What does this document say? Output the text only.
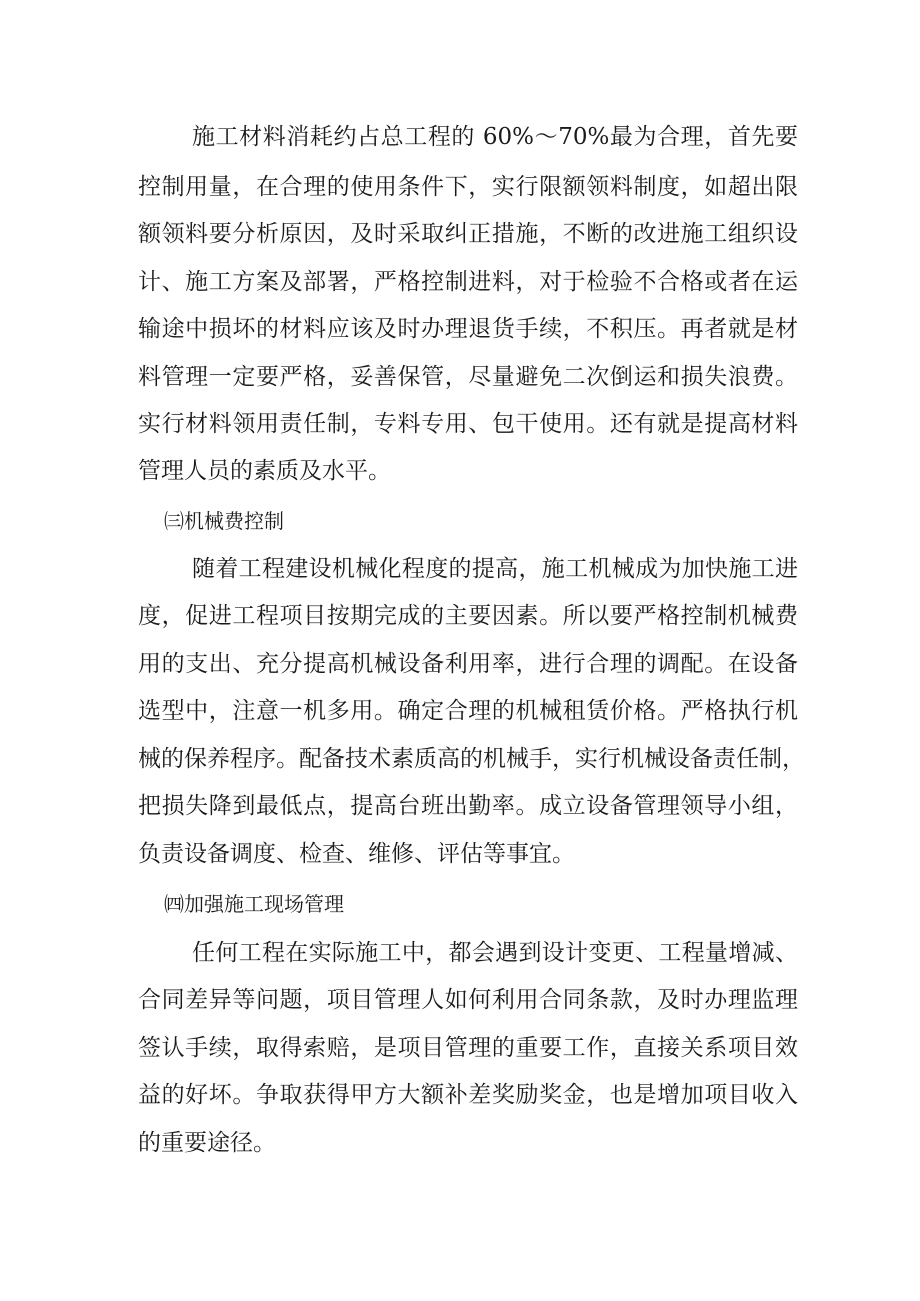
施工材料消耗约占总工程的 60%～70%最为合理，首先要

控制用量，在合理的使用条件下，实行限额领料制度，如超出限

额领料要分析原因，及时采取纠正措施，不断的改进施工组织设

计、施工方案及部署，严格控制进料，对于检验不合格或者在运

输途中损坏的材料应该及时办理退货手续，不积压。再者就是材

料管理一定要严格，妥善保管，尽量避免二次倒运和损失浪费。

实行材料领用责任制，专料专用、包干使用。还有就是提高材料

管理人员的素质及水平。

㈢机械费控制

随着工程建设机械化程度的提高，施工机械成为加快施工进

度，促进工程项目按期完成的主要因素。所以要严格控制机械费

用的支出、充分提高机械设备利用率，进行合理的调配。在设备

选型中，注意一机多用。确定合理的机械租赁价格。严格执行机

械的保养程序。配备技术素质高的机械手，实行机械设备责任制，

把损失降到最低点，提高台班出勤率。成立设备管理领导小组，

负责设备调度、检查、维修、评估等事宜。

㈣加强施工现场管理

任何工程在实际施工中，都会遇到设计变更、工程量增减、

合同差异等问题，项目管理人如何利用合同条款，及时办理监理

签认手续，取得索赔，是项目管理的重要工作，直接关系项目效

益的好坏。争取获得甲方大额补差奖励奖金，也是增加项目收入

的重要途径。
